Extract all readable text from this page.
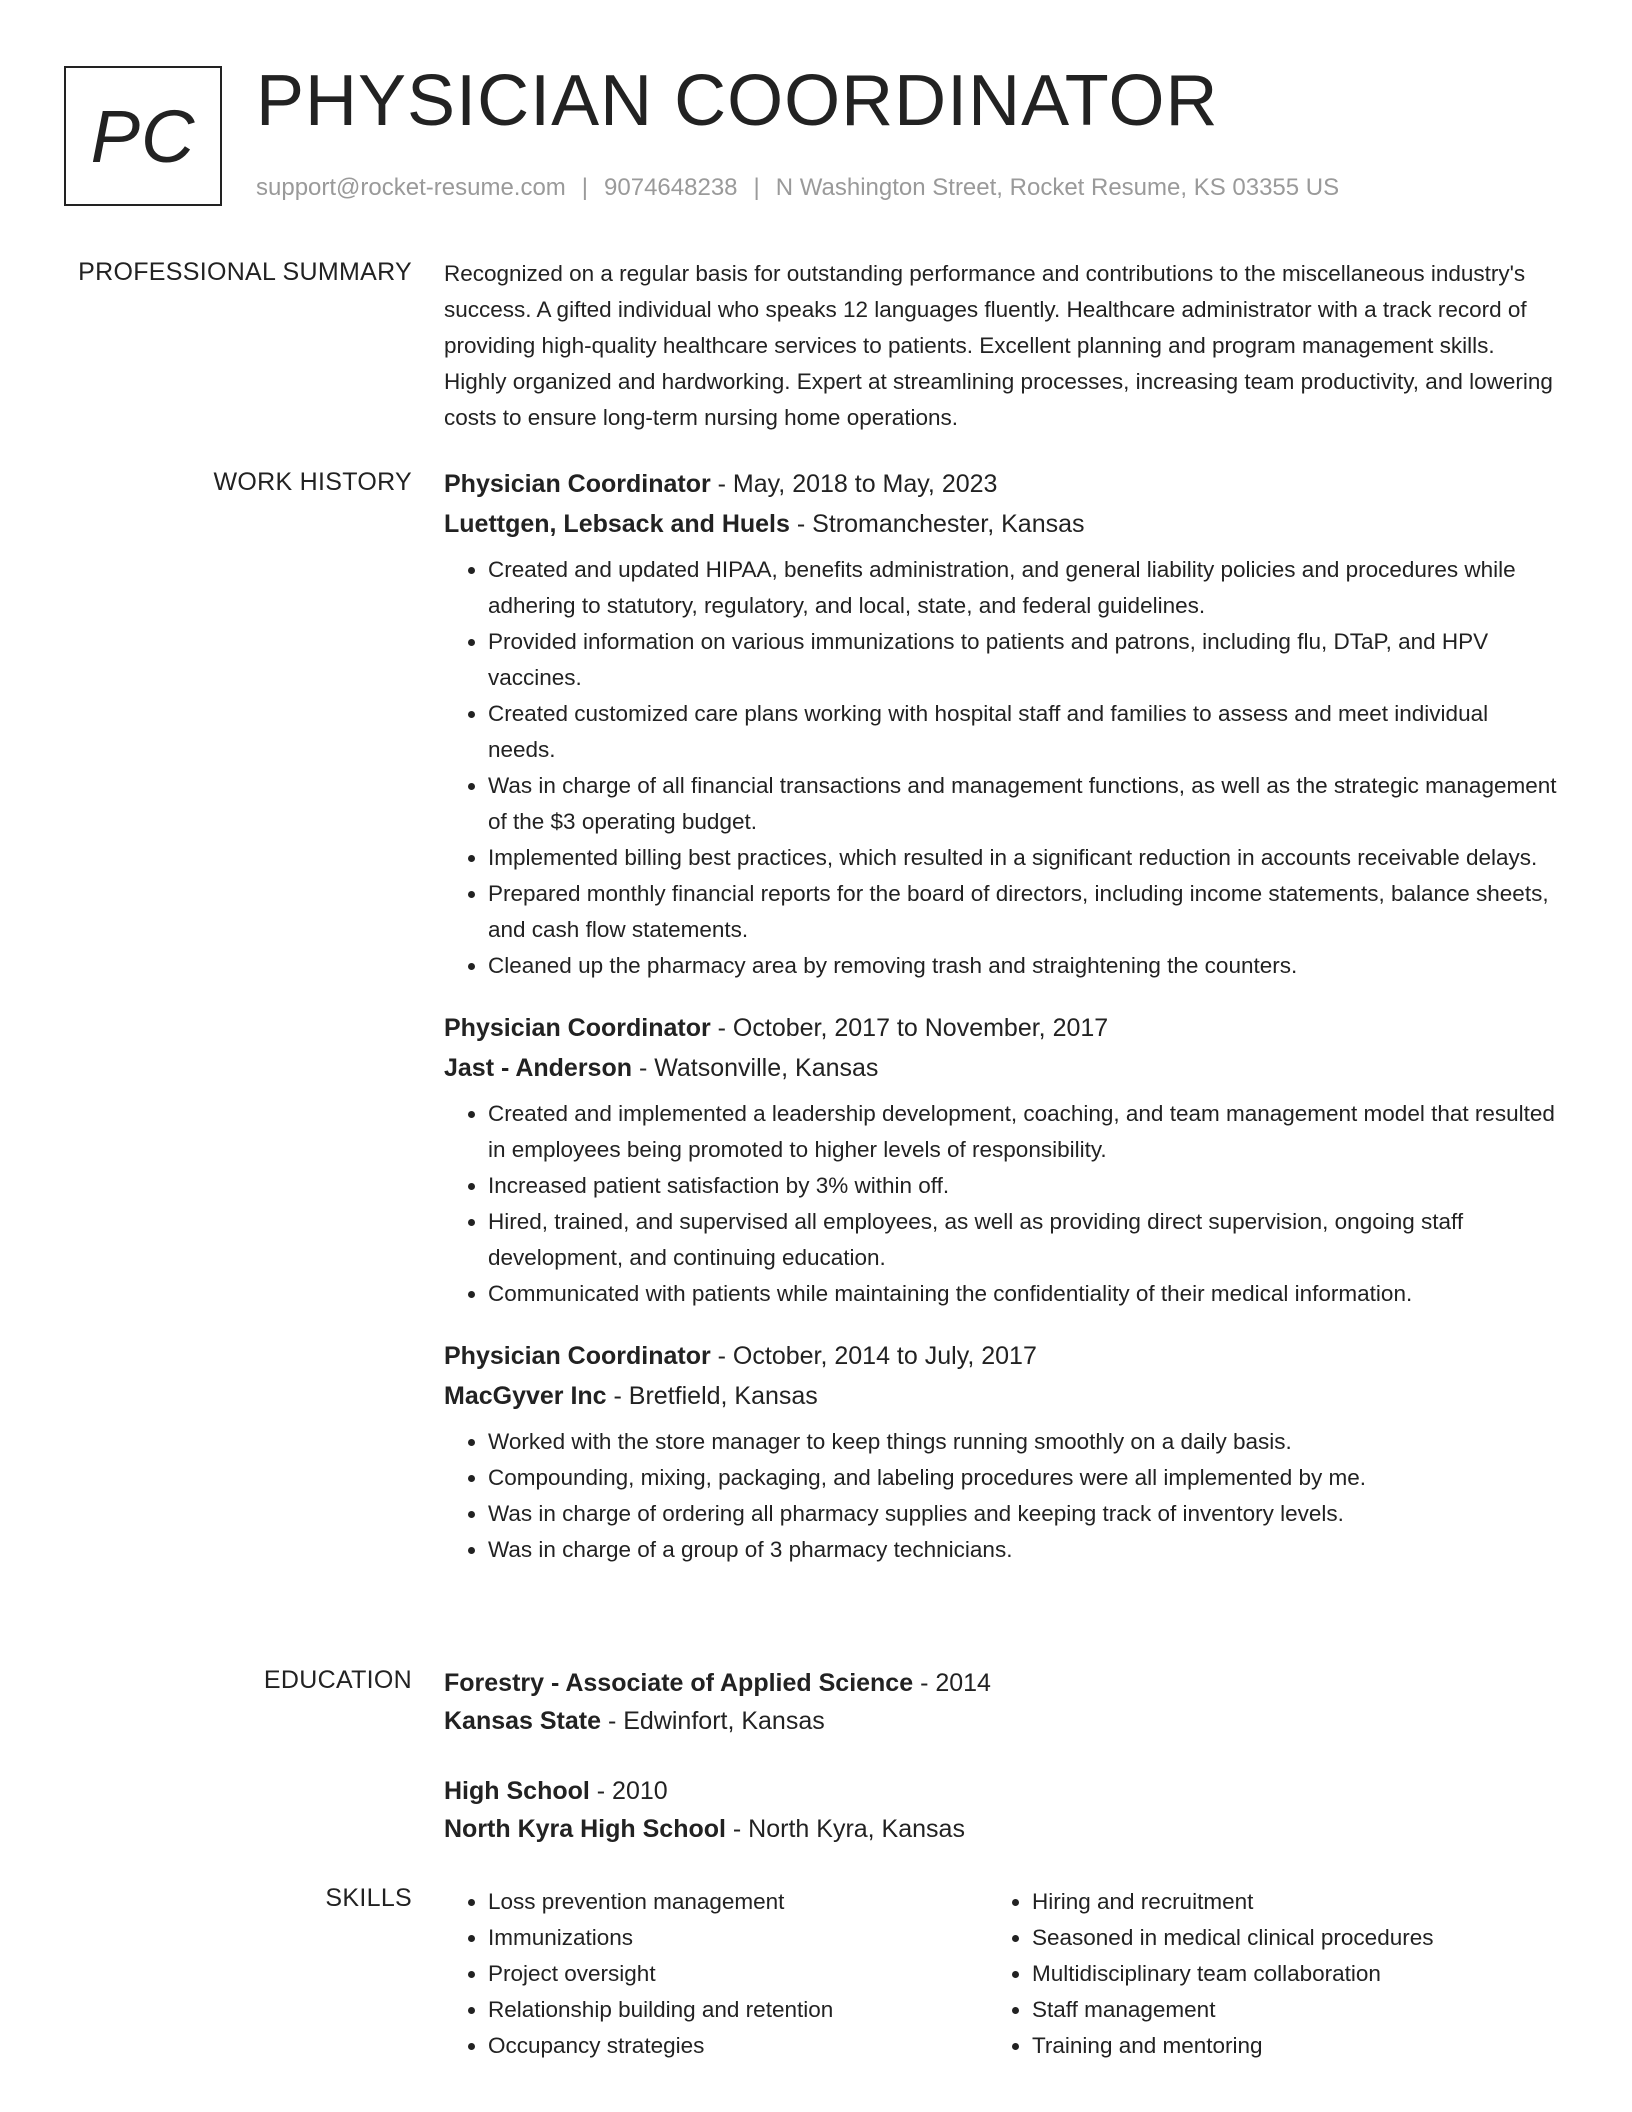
PC PHYSICIAN COORDINATOR
support@rocket-resume.com | 9074648238 | N Washington Street, Rocket Resume, KS 03355 US
PROFESSIONAL SUMMARY Recognized on a regular basis for outstanding performance and contributions to the miscellaneous industry's success. A gifted individual who speaks 12 languages fluently. Healthcare administrator with a track record of providing high-quality healthcare services to patients. Excellent planning and program management skills. Highly organized and hardworking. Expert at streamlining processes, increasing team productivity, and lowering costs to ensure long-term nursing home operations.

WORK HISTORY Physician Coordinator - May, 2018 to May, 2023
Luettgen, Lebsack and Huels - Stromanchester, Kansas
• Created and updated HIPAA, benefits administration, and general liability policies and procedures while adhering to statutory, regulatory, and local, state, and federal guidelines.
• Provided information on various immunizations to patients and patrons, including flu, DTaP, and HPV vaccines.
• Created customized care plans working with hospital staff and families to assess and meet individual needs.
• Was in charge of all financial transactions and management functions, as well as the strategic management of the $3 operating budget.
• Implemented billing best practices, which resulted in a significant reduction in accounts receivable delays.
• Prepared monthly financial reports for the board of directors, including income statements, balance sheets, and cash flow statements.
• Cleaned up the pharmacy area by removing trash and straightening the counters.
Physician Coordinator - October, 2017 to November, 2017
Jast - Anderson - Watsonville, Kansas
• Created and implemented a leadership development, coaching, and team management model that resulted in employees being promoted to higher levels of responsibility.
• Increased patient satisfaction by 3% within off.
• Hired, trained, and supervised all employees, as well as providing direct supervision, ongoing staff development, and continuing education.
• Communicated with patients while maintaining the confidentiality of their medical information.
Physician Coordinator - October, 2014 to July, 2017
MacGyver Inc - Bretfield, Kansas
• Worked with the store manager to keep things running smoothly on a daily basis.
• Compounding, mixing, packaging, and labeling procedures were all implemented by me.
• Was in charge of ordering all pharmacy supplies and keeping track of inventory levels.
• Was in charge of a group of 3 pharmacy technicians.
EDUCATION Forestry - Associate of Applied Science - 2014
Kansas State - Edwinfort, Kansas
High School - 2010
North Kyra High School - North Kyra, Kansas
SKILLS
•	Loss prevention management
• Immunizations
• Project oversight
• Relationship building and retention
• Occupancy strategies
• Hiring and recruitment
• Seasoned in medical clinical procedures
• Multidisciplinary team collaboration
• Staff management
• Training and mentoring
